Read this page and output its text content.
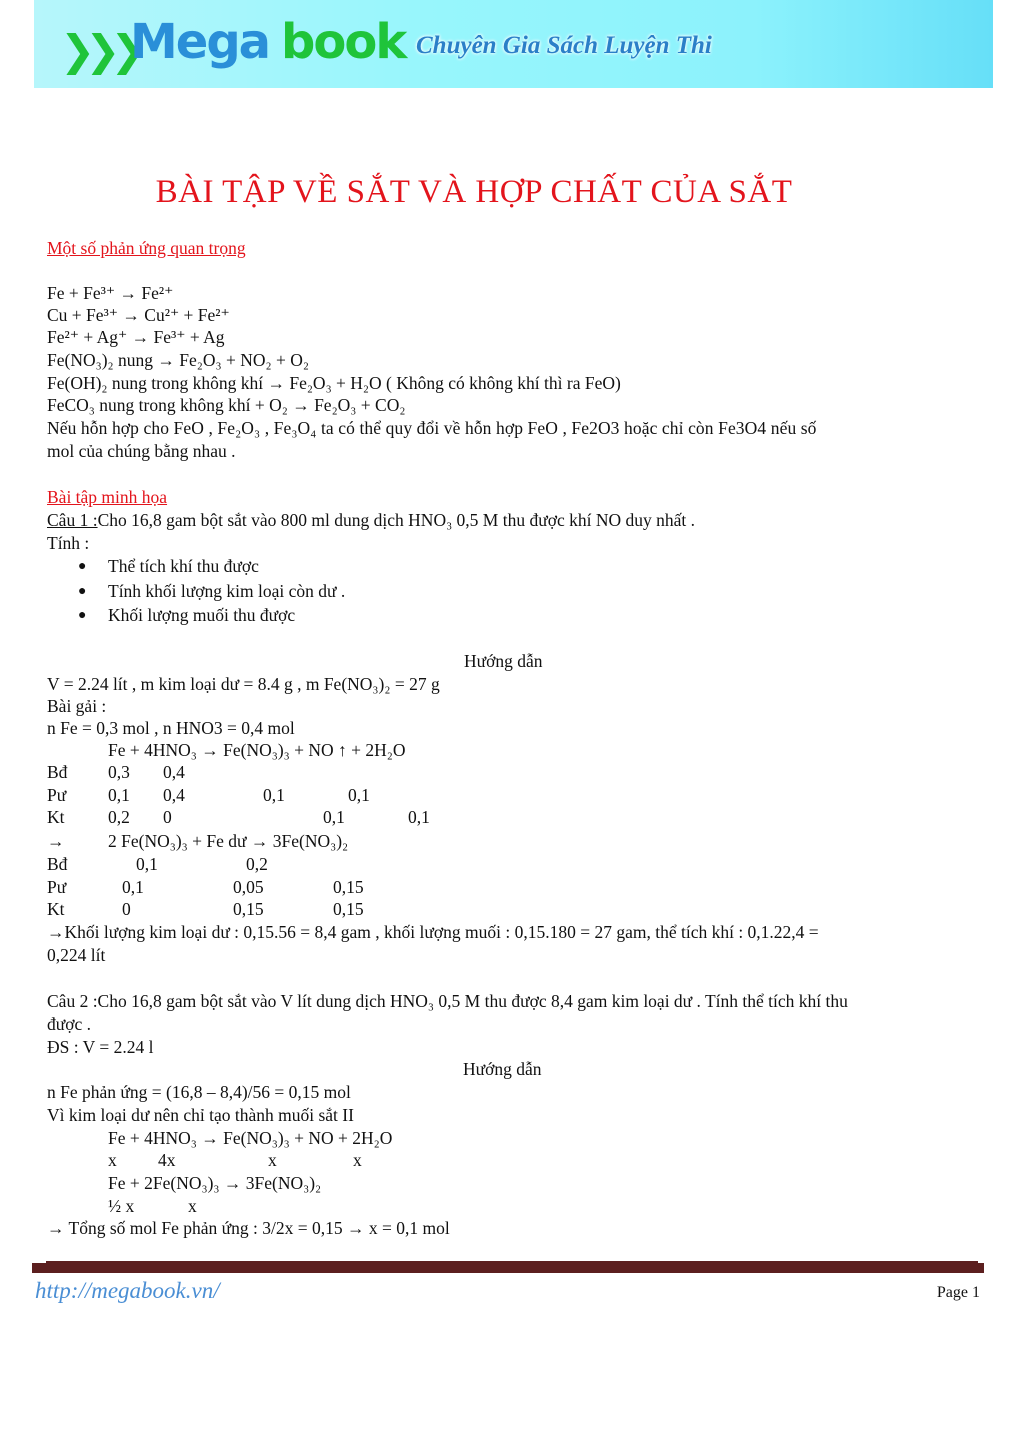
❯❯❯
Mega book Chuyên Gia Sách Luyện Thi
BÀI TẬP VỀ SẮT VÀ HỢP CHẤT CỦA SẮT
Một số phản ứng quan trọng
Fe + Fe³⁺ → Fe²⁺
Cu + Fe³⁺ → Cu²⁺ + Fe²⁺
Fe²⁺ + Ag⁺ → Fe³⁺ + Ag
Fe(NO₃)₂ nung → Fe₂O₃ + NO₂ + O₂
Fe(OH)₂ nung trong không khí → Fe₂O₃ + H₂O ( Không có không khí thì ra FeO)
FeCO₃ nung trong không khí + O₂ → Fe₂O₃ + CO₂
Nếu hỗn hợp cho FeO , Fe₂O₃ , Fe₃O₄ ta có thể quy đổi về hỗn hợp FeO , Fe2O3 hoặc chỉ còn Fe3O4 nếu số
mol của chúng bằng nhau .
Bài tập minh họa
Câu 1 :Cho 16,8 gam bột sắt vào 800 ml dung dịch HNO₃ 0,5 M thu được khí NO duy nhất .
Tính :
● Thể tích khí thu được
● Tính khối lượng kim loại còn dư .
● Khối lượng muối thu được
Hướng dẫn
V = 2.24 lít , m kim loại dư = 8.4 g , m Fe(NO₃)₂ = 27 g
Bài gải :
n Fe = 0,3 mol , n HNO3 = 0,4 mol
Fe + 4HNO₃ → Fe(NO₃)₃ + NO ↑ + 2H₂O
Bđ 0,3 0,4
Pư 0,1 0,4	0,1	0,1
Kt 0,2 0	0,1	0,1
→ 2 Fe(NO₃)₃ + Fe dư → 3Fe(NO₃)₂
Bđ	0,1	0,2
Pư	0,1	0,05	0,15
Kt	0	0,15	0,15
→Khối lượng kim loại dư : 0,15.56 = 8,4 gam , khối lượng muối : 0,15.180 = 27 gam, thể tích khí : 0,1.22,4 =
0,224 lít
Câu 2 :Cho 16,8 gam bột sắt vào V lít dung dịch HNO₃ 0,5 M thu được 8,4 gam kim loại dư . Tính thể tích khí thu
được .
ĐS : V = 2.24 l
Hướng dẫn
n Fe phản ứng = (16,8 – 8,4)/56 = 0,15 mol
Vì kim loại dư nên chỉ tạo thành muối sắt II
Fe + 4HNO₃ → Fe(NO₃)₃ + NO + 2H₂O
x 4x	x	x
Fe + 2Fe(NO₃)₃ → 3Fe(NO₃)₂
½ x	x
→ Tổng số mol Fe phản ứng : 3/2x = 0,15 → x = 0,1 mol
http://megabook.vn/	Page 1
